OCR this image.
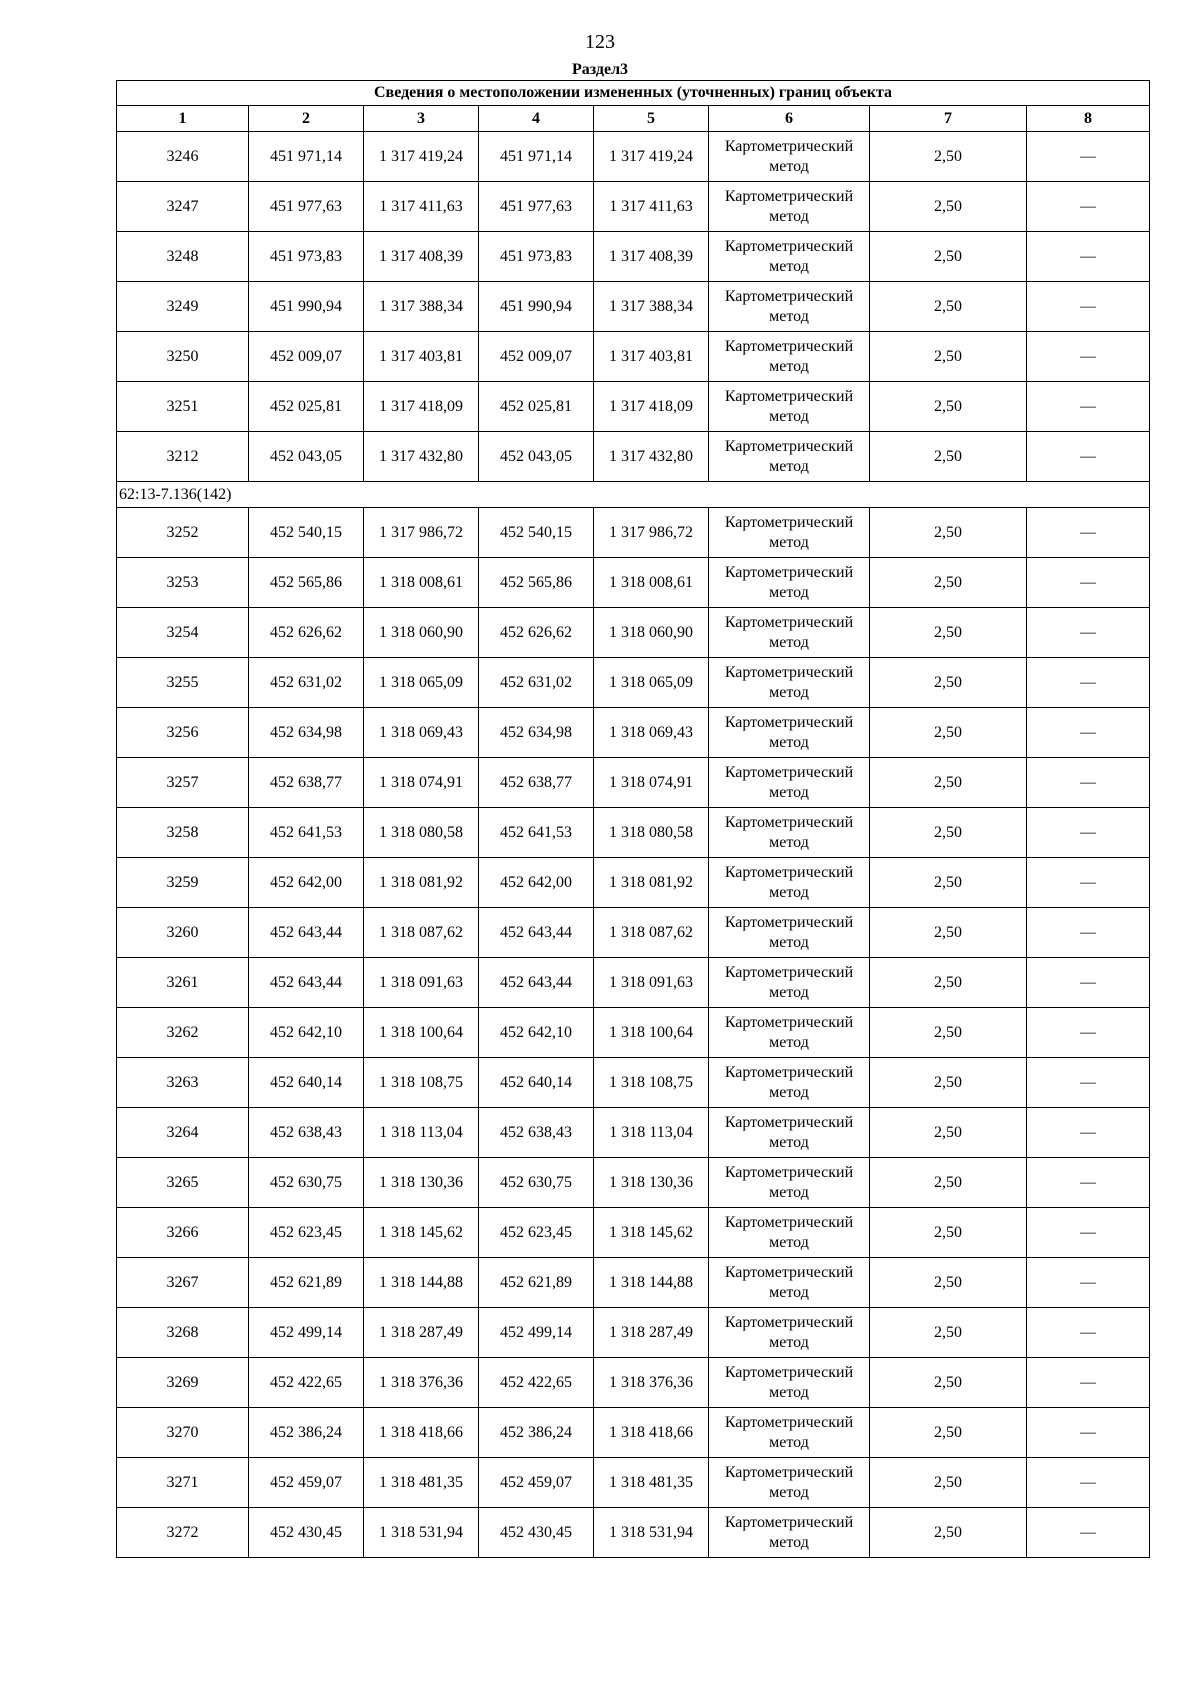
123
Раздел3
Сведения о местоположении измененных (уточненных) границ объекта							
1	2	3	4	5	6	7	8
3246	451 971,14	1 317 419,24	451 971,14	1 317 419,24	Картометрический метод	2,50	—
3247	451 977,63	1 317 411,63	451 977,63	1 317 411,63	Картометрический метод	2,50	—
3248	451 973,83	1 317 408,39	451 973,83	1 317 408,39	Картометрический метод	2,50	—
3249	451 990,94	1 317 388,34	451 990,94	1 317 388,34	Картометрический метод	2,50	—
3250	452 009,07	1 317 403,81	452 009,07	1 317 403,81	Картометрический метод	2,50	—
3251	452 025,81	1 317 418,09	452 025,81	1 317 418,09	Картометрический метод	2,50	—
3212	452 043,05	1 317 432,80	452 043,05	1 317 432,80	Картометрический метод	2,50	—
62:13-7.136(142)							
3252	452 540,15	1 317 986,72	452 540,15	1 317 986,72	Картометрический метод	2,50	—
3253	452 565,86	1 318 008,61	452 565,86	1 318 008,61	Картометрический метод	2,50	—
3254	452 626,62	1 318 060,90	452 626,62	1 318 060,90	Картометрический метод	2,50	—
3255	452 631,02	1 318 065,09	452 631,02	1 318 065,09	Картометрический метод	2,50	—
3256	452 634,98	1 318 069,43	452 634,98	1 318 069,43	Картометрический метод	2,50	—
3257	452 638,77	1 318 074,91	452 638,77	1 318 074,91	Картометрический метод	2,50	—
3258	452 641,53	1 318 080,58	452 641,53	1 318 080,58	Картометрический метод	2,50	—
3259	452 642,00	1 318 081,92	452 642,00	1 318 081,92	Картометрический метод	2,50	—
3260	452 643,44	1 318 087,62	452 643,44	1 318 087,62	Картометрический метод	2,50	—
3261	452 643,44	1 318 091,63	452 643,44	1 318 091,63	Картометрический метод	2,50	—
3262	452 642,10	1 318 100,64	452 642,10	1 318 100,64	Картометрический метод	2,50	—
3263	452 640,14	1 318 108,75	452 640,14	1 318 108,75	Картометрический метод	2,50	—
3264	452 638,43	1 318 113,04	452 638,43	1 318 113,04	Картометрический метод	2,50	—
3265	452 630,75	1 318 130,36	452 630,75	1 318 130,36	Картометрический метод	2,50	—
3266	452 623,45	1 318 145,62	452 623,45	1 318 145,62	Картометрический метод	2,50	—
3267	452 621,89	1 318 144,88	452 621,89	1 318 144,88	Картометрический метод	2,50	—
3268	452 499,14	1 318 287,49	452 499,14	1 318 287,49	Картометрический метод	2,50	—
3269	452 422,65	1 318 376,36	452 422,65	1 318 376,36	Картометрический метод	2,50	—
3270	452 386,24	1 318 418,66	452 386,24	1 318 418,66	Картометрический метод	2,50	—
3271	452 459,07	1 318 481,35	452 459,07	1 318 481,35	Картометрический метод	2,50	—
3272	452 430,45	1 318 531,94	452 430,45	1 318 531,94	Картометрический метод	2,50	—
